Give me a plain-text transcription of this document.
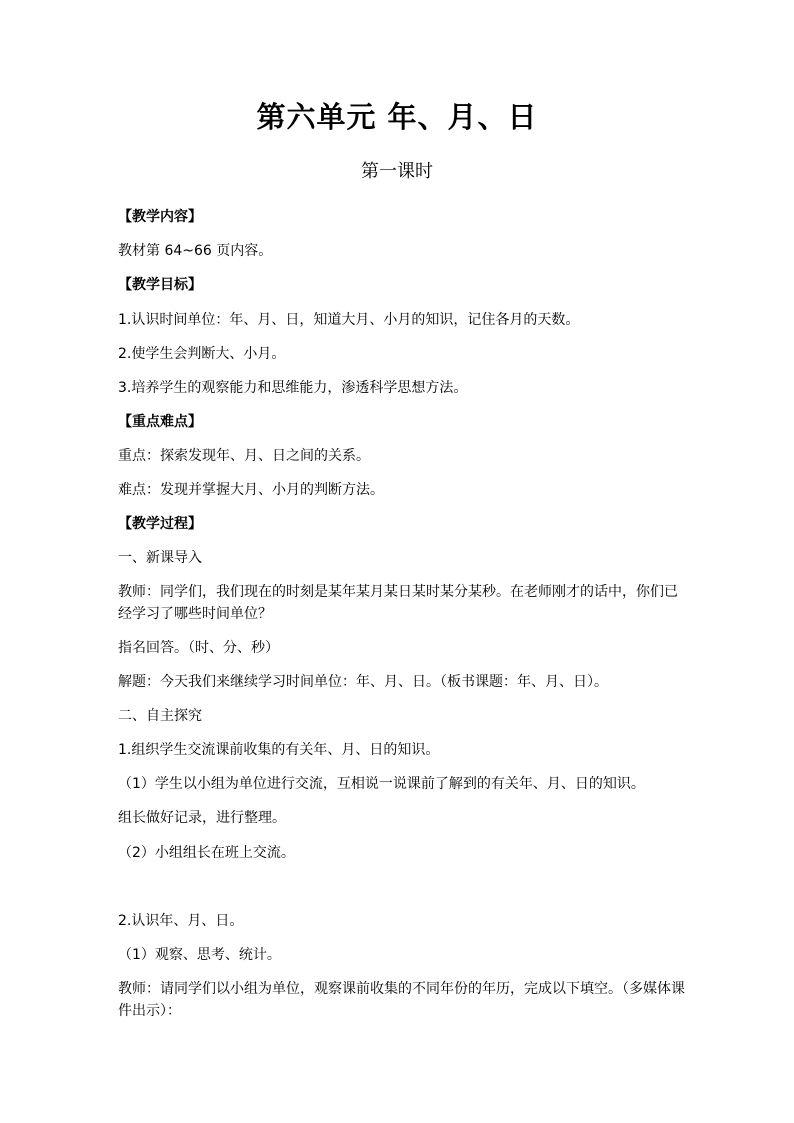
第六单元 年、月、日
第一课时
【教学内容】
教材第 64~66 页内容。
【教学目标】
1.认识时间单位：年、月、日，知道大月、小月的知识，记住各月的天数。
2.使学生会判断大、小月。
3.培养学生的观察能力和思维能力，渗透科学思想方法。
【重点难点】
重点：探索发现年、月、日之间的关系。
难点：发现并掌握大月、小月的判断方法。
【教学过程】
一、新课导入
教师：同学们，我们现在的时刻是某年某月某日某时某分某秒。在老师刚才的话中，你们已经学习了哪些时间单位？
指名回答。（时、分、秒）
解题：今天我们来继续学习时间单位：年、月、日。（板书课题：年、月、日）。
二、自主探究
1.组织学生交流课前收集的有关年、月、日的知识。
（1）学生以小组为单位进行交流，互相说一说课前了解到的有关年、月、日的知识。
组长做好记录，进行整理。
（2）小组组长在班上交流。
2.认识年、月、日。
（1）观察、思考、统计。
教师：请同学们以小组为单位，观察课前收集的不同年份的年历，完成以下填空。（多媒体课件出示）：
